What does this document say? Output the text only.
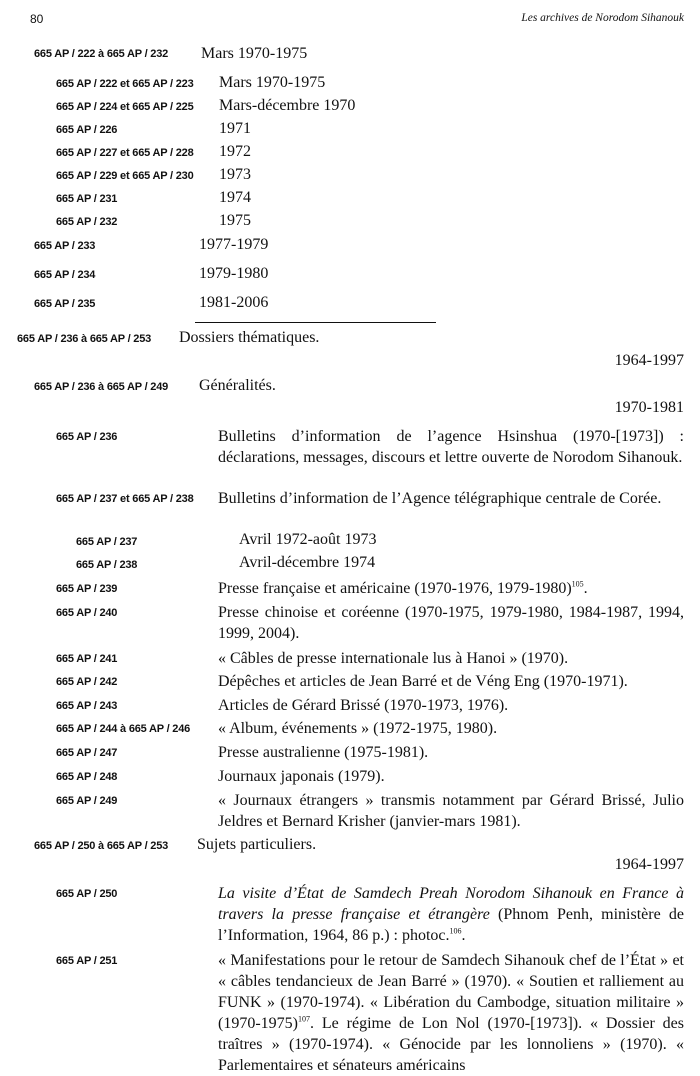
80	Les archives de Norodom Sihanouk
665 AP / 222 à 665 AP / 232 Mars 1970-1975
665 AP / 222 et 665 AP / 223 Mars 1970-1975
665 AP / 224 et 665 AP / 225 Mars-décembre 1970
665 AP / 226	1971
665 AP / 227 et 665 AP / 228 1972
665 AP / 229 et 665 AP / 230 1973
665 AP / 231	1974
665 AP / 232	1975
665 AP / 233	1977-1979
665 AP / 234	1979-1980
665 AP / 235	1981-2006
665 AP / 236 à 665 AP / 253 Dossiers thématiques.
1964-1997
665 AP / 236 à 665 AP / 249 Généralités.
1970-1981
665 AP / 236	Bulletins d’information de l’agence Hsinshua (1970-[1973]) : déclarations, messages, discours et lettre ouverte de Norodom Sihanouk.
665 AP / 237 et 665 AP / 238 Bulletins d’information de l’Agence télégraphique centrale de Corée.
665 AP / 237	Avril 1972-août 1973
665 AP / 238	Avril-décembre 1974
665 AP / 239	Presse française et américaine (1970-1976, 1979-1980)$^{105}$.
665 AP / 240	Presse chinoise et coréenne (1970-1975, 1979-1980, 1984-1987, 1994, 1999, 2004).
665 AP / 241	« Câbles de presse internationale lus à Hanoi » (1970).
665 AP / 242	Dépêches et articles de Jean Barré et de Véng Eng (1970-1971).
665 AP / 243	Articles de Gérard Brissé (1970-1973, 1976).
665 AP / 244 à 665 AP / 246 « Album, événements » (1972-1975, 1980).
665 AP / 247	Presse australienne (1975-1981).
665 AP / 248	Journaux japonais (1979).
665 AP / 249	« Journaux étrangers » transmis notamment par Gérard Brissé, Julio Jeldres et Bernard Krisher (janvier-mars 1981).
665 AP / 250 à 665 AP / 253 Sujets particuliers.
1964-1997
665 AP / 250	La visite d’État de Samdech Preah Norodom Sihanouk en France à travers la presse française et étrangère (Phnom Penh, ministère de l’Information, 1964, 86 p.) : photoc.$^{106}$.
665 AP / 251	« Manifestations pour le retour de Samdech Sihanouk chef de l’État » et « câbles tendancieux de Jean Barré » (1970). « Soutien et ralliement au FUNK » (1970-1974). « Libération du Cambodge, situation militaire » (1970-1975)$^{107}$. Le régime de Lon Nol (1970-[1973]). « Dossier des traîtres » (1970-1974). « Génocide par les lonnoliens » (1970). « Parlementaires et sénateurs américains
